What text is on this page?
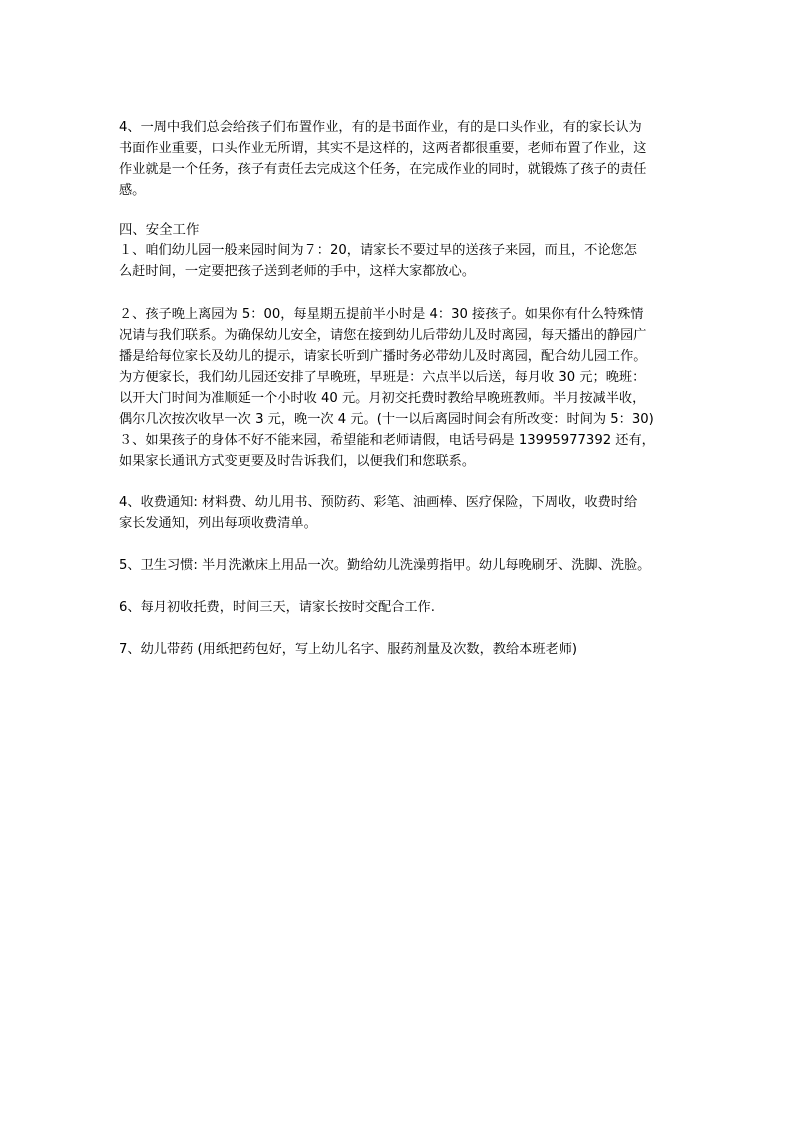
4、一周中我们总会给孩子们布置作业，有的是书面作业，有的是口头作业，有的家长认为
书面作业重要，口头作业无所谓，其实不是这样的，这两者都很重要，老师布置了作业，这
作业就是一个任务，孩子有责任去完成这个任务，在完成作业的同时，就锻炼了孩子的责任
感。
四、安全工作
１、咱们幼儿园一般来园时间为７：20，请家长不要过早的送孩子来园，而且，不论您怎
么赶时间，一定要把孩子送到老师的手中，这样大家都放心。
２、孩子晚上离园为 5：00，每星期五提前半小时是 4：30 接孩子。如果你有什么特殊情
况请与我们联系。为确保幼儿安全，请您在接到幼儿后带幼儿及时离园，每天播出的静园广
播是给每位家长及幼儿的提示，请家长听到广播时务必带幼儿及时离园，配合幼儿园工作。
为方便家长，我们幼儿园还安排了早晚班，早班是：六点半以后送，每月收 30 元；晚班：
以开大门时间为准顺延一个小时收 40 元。月初交托费时教给早晚班教师。半月按减半收，
偶尔几次按次收早一次 3 元，晚一次 4 元。(十一以后离园时间会有所改变：时间为 5：30)
３、如果孩子的身体不好不能来园，希望能和老师请假，电话号码是 13995977392 还有，
如果家长通讯方式变更要及时告诉我们，以便我们和您联系。
4、收费通知: 材料费、幼儿用书、预防药、彩笔、油画棒、医疗保险，下周收，收费时给
家长发通知，列出每项收费清单。
5、卫生习惯: 半月洗漱床上用品一次。勤给幼儿洗澡剪指甲。幼儿每晚刷牙、洗脚、洗脸。
6、每月初收托费，时间三天，请家长按时交配合工作.
7、幼儿带药 (用纸把药包好，写上幼儿名字、服药剂量及次数，教给本班老师)
